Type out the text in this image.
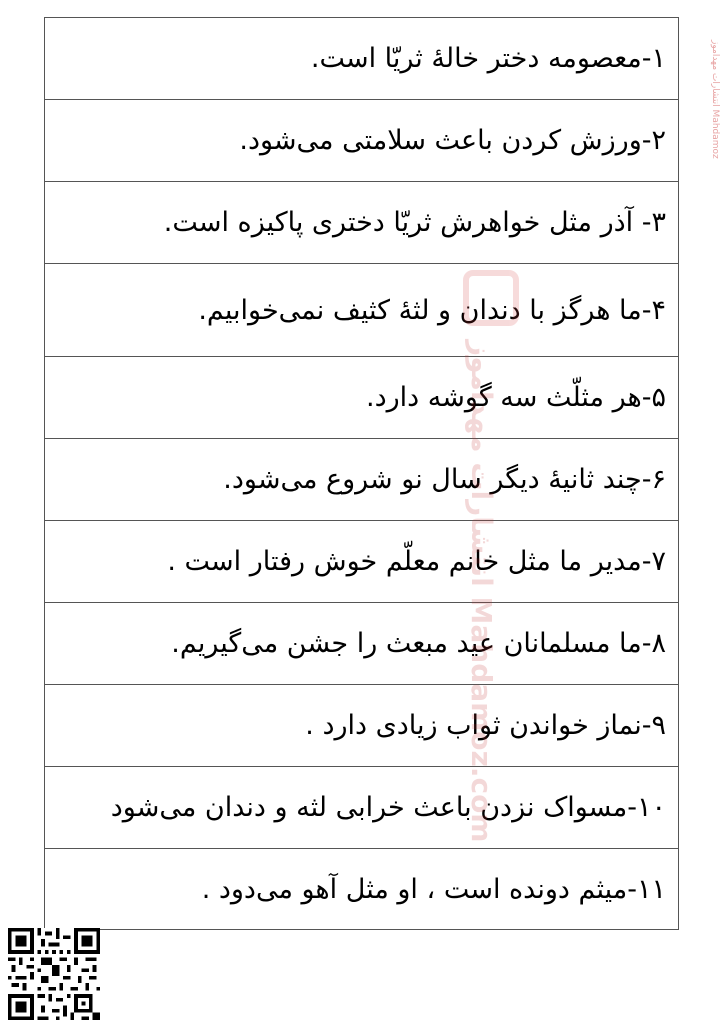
۱-معصومه دختر خالهٔ ثریّا است.
۲-ورزش کردن باعث سلامتی می‌شود.
۳- آذر مثل خواهرش ثریّا دختری پاکیزه است.
۴-ما هرگز با دندان و لثهٔ کثیف نمی‌خوابیم.
۵-هر مثلّث سه گوشه دارد.
۶-چند ثانیهٔ دیگر سال نو شروع می‌شود.
۷-مدیر ما مثل خانم معلّم خوش رفتار است .
۸-ما مسلمانان عید مبعث را جشن می‌گیریم.
۹-نماز خواندن ثواب زیادی دارد .
۱۰-مسواک نزدن باعث خرابی لثه و دندان می‌شود
۱۱-میثم دونده است ، او مثل آهو می‌دود .
انتشارات مهداموز Mahdamoz
انتشارات مهداموز Mahdamoz.com
